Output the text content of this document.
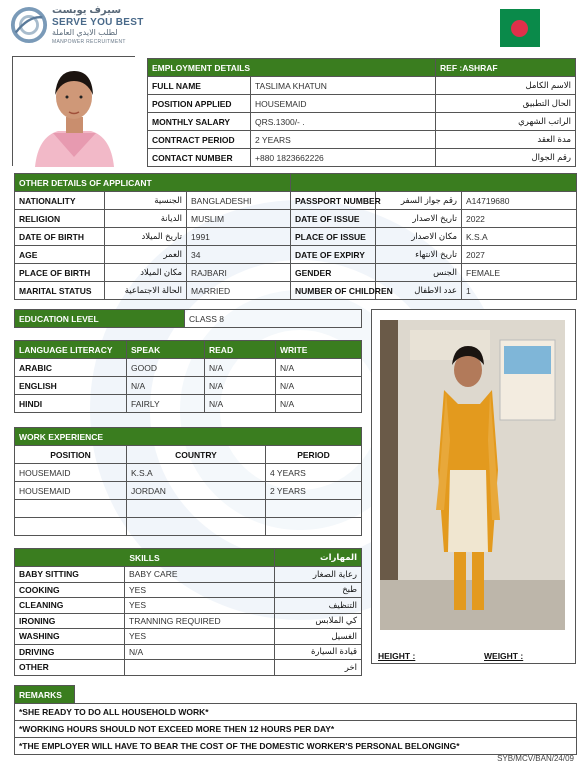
سيرف يوبست
SERVE YOU BEST
لطلب الايدي العاملة
MANPOWER RECRUITMENT
EMPLOYMENT DETAILS		REF :ASHRAF
FULL NAME	TASLIMA KHATUN	الاسم الكامل
POSITION APPLIED	HOUSEMAID	الحال التطبيق
MONTHLY SALARY	QRS.1300/- .	الراتب الشهري
CONTRACT PERIOD	2 YEARS	مدة العقد
CONTACT NUMBER	+880 1823662226	رقم الجوال
OTHER DETAILS OF APPLICANT					
NATIONALITY	الجنسية	BANGLADESHI	PASSPORT NUMBER	رقم جواز السفر	A14719680
RELIGION	الديانة	MUSLIM	DATE OF ISSUE	تاريخ الاصدار	2022
DATE OF BIRTH	تاريخ الميلاد	1991	PLACE OF ISSUE	مكان الاصدار	K.S.A
AGE	العمر	34	DATE OF EXPIRY	تاريخ الانتهاء	2027
PLACE OF BIRTH	مكان الميلاد	RAJBARI	GENDER	الجنس	FEMALE
MARITAL STATUS	الحالة الاجتماعية	MARRIED	NUMBER OF CHILDREN	عدد الاطفال	1
EDUCATION LEVEL	CLASS 8
LANGUAGE LITERACY	SPEAK	READ	WRITE
ARABIC	GOOD	N/A	N/A
ENGLISH	N/A	N/A	N/A
HINDI	FAIRLY	N/A	N/A
WORK EXPERIENCE		
POSITION	COUNTRY	PERIOD
HOUSEMAID	K.S.A	4 YEARS
HOUSEMAID	JORDAN	2 YEARS

SKILLS		المهارات
BABY SITTING	BABY CARE	رعاية الصغار
COOKING	YES	طبخ
CLEANING	YES	التنظيف
IRONING	TRANNING REQUIRED	كي الملابس
WASHING	YES	الغسيل
DRIVING	N/A	قيادة السيارة
OTHER		اخر
HEIGHT :	WEIGHT :
REMARKS	
*SHE READY TO DO ALL HOUSEHOLD WORK*
*WORKING HOURS SHOULD NOT EXCEED MORE THEN 12 HOURS PER DAY*
*THE EMPLOYER WILL HAVE TO BEAR THE COST OF THE DOMESTIC WORKER'S PERSONAL BELONGING*
SYB/MCV/BAN/24/09
